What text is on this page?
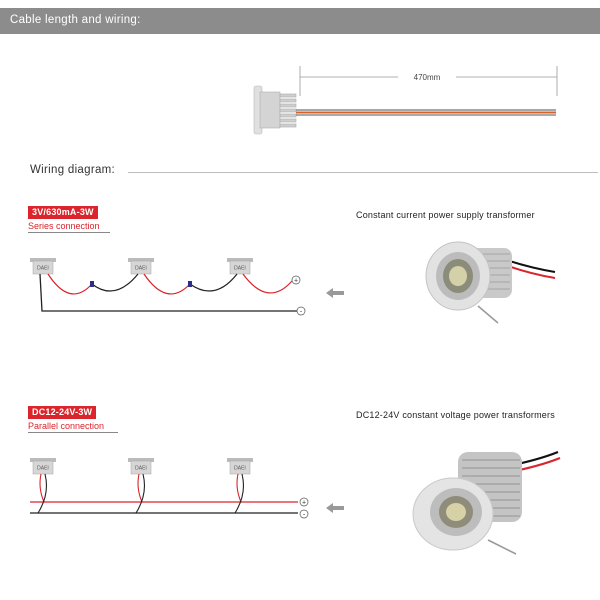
Cable length and wiring:
470mm
Wiring diagram:
3V/630mA-3W
Series connection
Constant current power supply transformer
DAEI	DAEI	DAEI
+
-
DC12-24V-3W
Parallel connection
DC12-24V constant voltage power transformers
DAEI	DAEI	DAEI
+
-
